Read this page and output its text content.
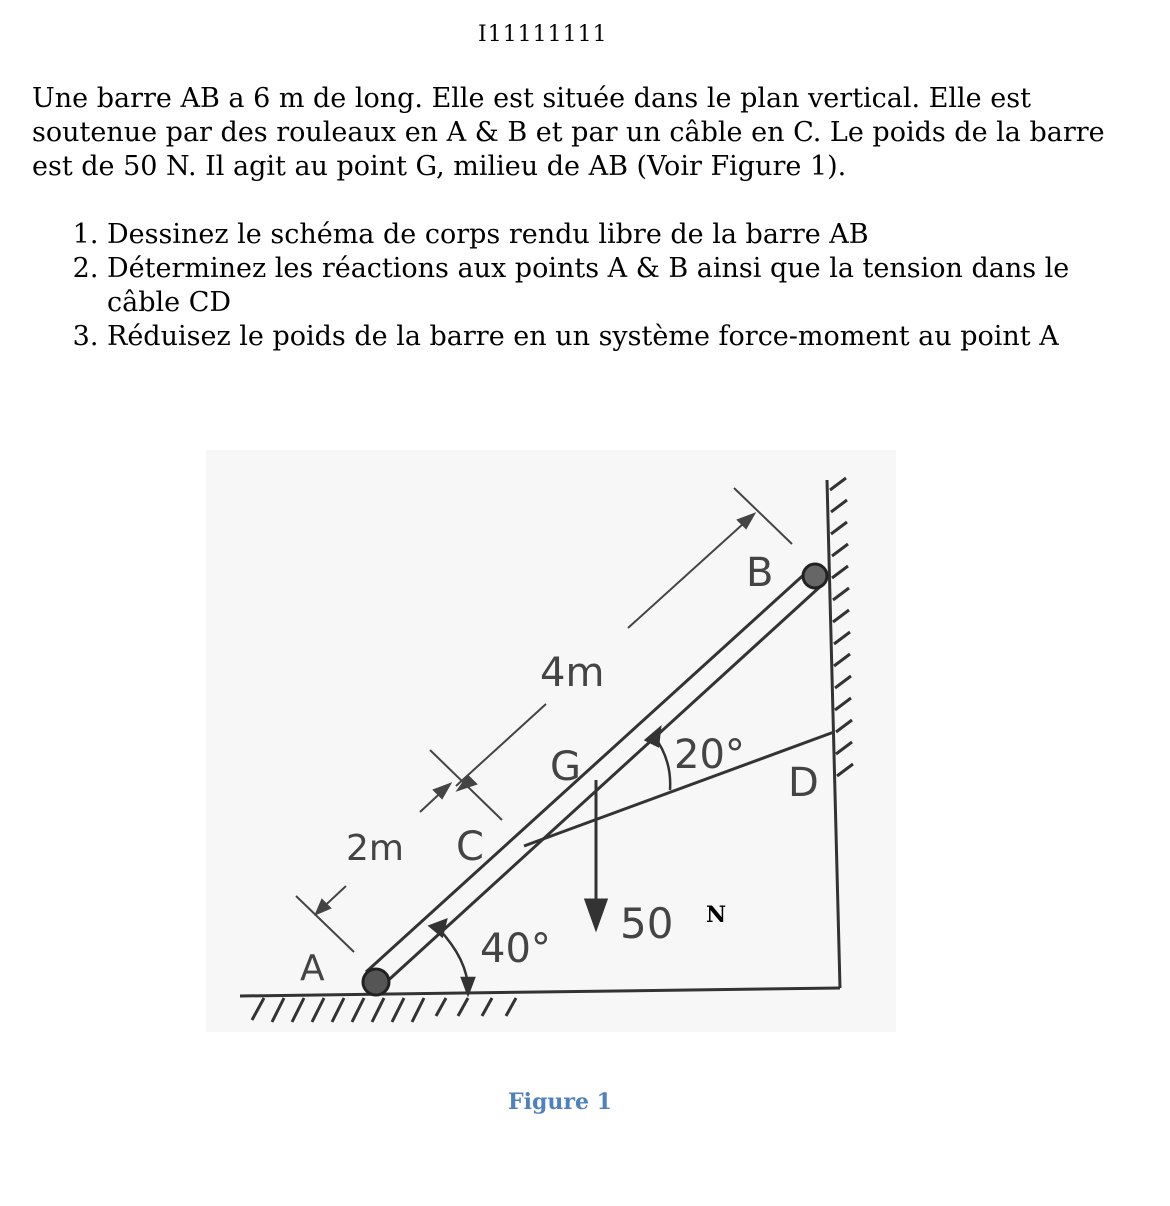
I11111111

Une barre AB a 6 m de long. Elle est située dans le plan vertical. Elle est soutenue par des rouleaux en A & B et par un câble en C. Le poids de la barre est de 50 N. Il agit au point G, milieu de AB (Voir Figure 1).

1. Dessinez le schéma de corps rendu libre de la barre AB
2. Déterminez les réactions aux points A & B ainsi que la tension dans le câble CD
3. Réduisez le poids de la barre en un système force-moment au point A
B
4m
G 20°
D
2m C
50 N
40°
A
Figure 1
